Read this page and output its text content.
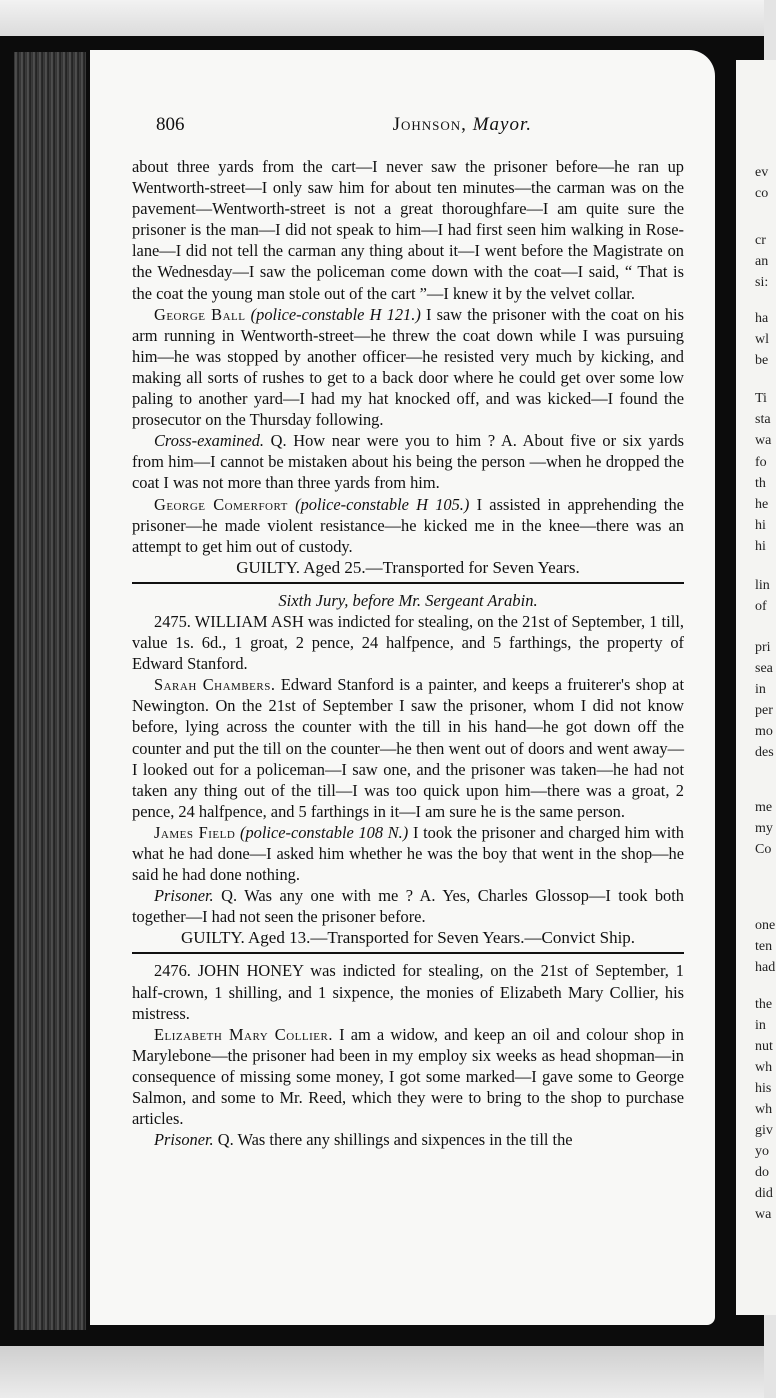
ev
co
cr
an
si:
ha
wl
be
Ti
sta
wa
fo
th
he
hi
hi
lin
of
pri
sea
in
per
mo
des
me
my
Co
one
ten
had
the
in
nut
wh
his
wh
giv
yo
do
did
wa
806	Johnson, Mayor.

about three yards from the cart—I never saw the prisoner before—he ran up Wentworth-street—I only saw him for about ten minutes—the carman was on the pavement—Wentworth-street is not a great thoroughfare—I am quite sure the prisoner is the man—I did not speak to him—I had first seen him walking in Rose-lane—I did not tell the carman any thing about it—I went before the Magistrate on the Wednesday—I saw the policeman come down with the coat—I said, “ That is the coat the young man stole out of the cart ”—I knew it by the velvet collar.

George Ball (police-constable H 121.) I saw the prisoner with the coat on his arm running in Wentworth-street—he threw the coat down while I was pursuing him—he was stopped by another officer—he resisted very much by kicking, and making all sorts of rushes to get to a back door where he could get over some low paling to another yard—I had my hat knocked off, and was kicked—I found the prosecutor on the Thursday following.

Cross-examined. Q. How near were you to him ? A. About five or six yards from him—I cannot be mistaken about his being the person —when he dropped the coat I was not more than three yards from him.

George Comerfort (police-constable H 105.) I assisted in apprehending the prisoner—he made violent resistance—he kicked me in the knee—there was an attempt to get him out of custody.

GUILTY. Aged 25.—Transported for Seven Years.

Sixth Jury, before Mr. Sergeant Arabin.

2475. WILLIAM ASH was indicted for stealing, on the 21st of September, 1 till, value 1s. 6d., 1 groat, 2 pence, 24 halfpence, and 5 farthings, the property of Edward Stanford.

Sarah Chambers. Edward Stanford is a painter, and keeps a fruiterer's shop at Newington. On the 21st of September I saw the prisoner, whom I did not know before, lying across the counter with the till in his hand—he got down off the counter and put the till on the counter—he then went out of doors and went away—I looked out for a policeman—I saw one, and the prisoner was taken—he had not taken any thing out of the till—I was too quick upon him—there was a groat, 2 pence, 24 halfpence, and 5 farthings in it—I am sure he is the same person.

James Field (police-constable 108 N.) I took the prisoner and charged him with what he had done—I asked him whether he was the boy that went in the shop—he said he had done nothing.

Prisoner. Q. Was any one with me ? A. Yes, Charles Glossop—I took both together—I had not seen the prisoner before.

GUILTY. Aged 13.—Transported for Seven Years.—Convict Ship.

2476. JOHN HONEY was indicted for stealing, on the 21st of September, 1 half-crown, 1 shilling, and 1 sixpence, the monies of Elizabeth Mary Collier, his mistress.

Elizabeth Mary Collier. I am a widow, and keep an oil and colour shop in Marylebone—the prisoner had been in my employ six weeks as head shopman—in consequence of missing some money, I got some marked—I gave some to George Salmon, and some to Mr. Reed, which they were to bring to the shop to purchase articles.

Prisoner. Q. Was there any shillings and sixpences in the till the
